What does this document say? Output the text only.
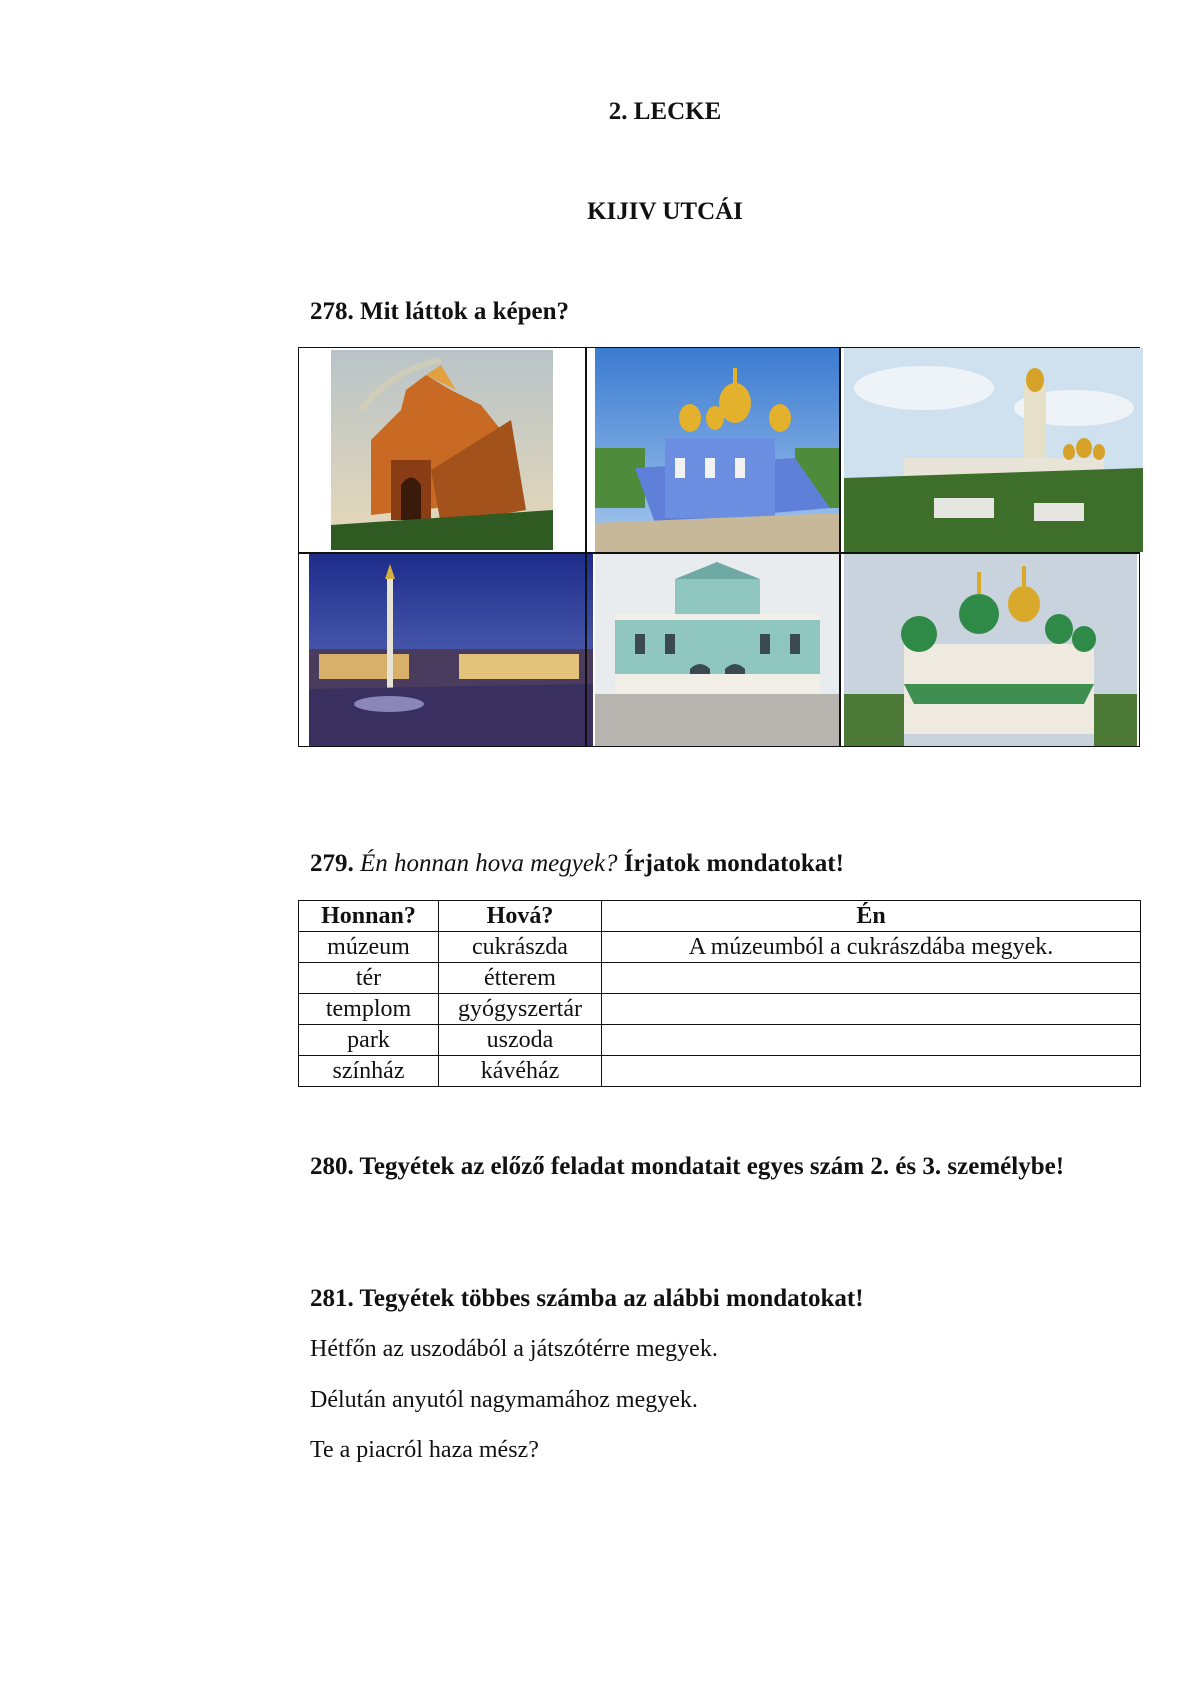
2. LECKE
KIJIV UTCÁI
278. Mit láttok a képen?
279. Én honnan hova megyek? Írjatok mondatokat!
Honnan?	Hová?	Én
múzeum	cukrászda	A múzeumból a cukrászdába megyek.
tér	étterem	
templom	gyógyszertár	
park	uszoda	
színház	kávéház	
280. Tegyétek az előző feladat mondatait egyes szám 2. és 3. személybe!
281. Tegyétek többes számba az alábbi mondatokat!
Hétfőn az uszodából a játszótérre megyek.
Délután anyutól nagymamához megyek.
Te a piacról haza mész?
